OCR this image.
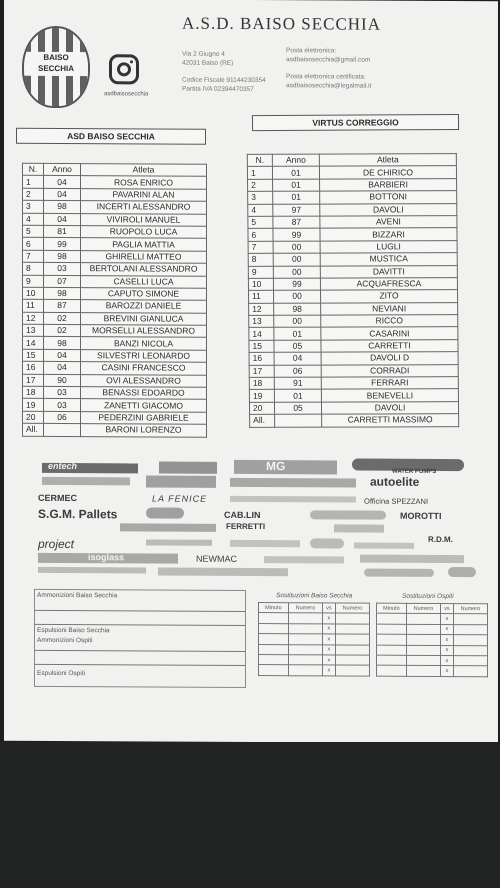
BAISO
SECCHIA
asdbaisosecchia
A.S.D. BAISO SECCHIA
Via 2 Giugno 4
42031 Baiso (RE)
Codice Fiscale 91144230354
Partita IVA 02394470357
Posta elettronica:
asdbaisosecchia@gmail.com
Posta elettronica certificata:
asdbaisosecchia@legalmail.it
ASD BAISO SECCHIA
N.	Anno	Atleta
1	04	ROSA ENRICO
2	04	PAVARINI ALAN
3	98	INCERTI ALESSANDRO
4	04	VIVIROLI MANUEL
5	81	RUOPOLO LUCA
6	99	PAGLIA MATTIA
7	98	GHIRELLI MATTEO
8	03	BERTOLANI ALESSANDRO
9	07	CASELLI LUCA
10	98	CAPUTO SIMONE
11	87	BAROZZI DANIELE
12	02	BREVINI GIANLUCA
13	02	MORSELLI ALESSANDRO
14	98	BANZI NICOLA
15	04	SILVESTRI LEONARDO
16	04	CASINI FRANCESCO
17	90	OVI ALESSANDRO
18	03	BENASSI EDOARDO
19	03	ZANETTI GIACOMO
20	06	PEDERZINI GABRIELE
All.		BARONI LORENZO
VIRTUS CORREGGIO
N.	Anno	Atleta
1	01	DE CHIRICO
2	01	BARBIERI
3	01	BOTTONI
4	97	DAVOLI
5	87	AVENI
6	99	BIZZARI
7	00	LUGLI
8	00	MUSTICA
9	00	DAVITTI
10	99	ACQUAFRESCA
11	00	ZITO
12	98	NEVIANI
13	00	RICCO
14	01	CASARINI
15	05	CARRETTI
16	04	DAVOLI D
17	06	CORRADI
18	91	FERRARI
19	01	BENEVELLI
20	05	DAVOLI
All.		CARRETTI MASSIMO
entech	MG	WATER PUMPS
autoelite
CERMEC	LA FENICE	Officina SPEZZANI
S.G.M. Pallets	CAB.LIN	MOROTTI
FERRETTI
R.D.M.
project
isoglass	NEWMAC
Ammonizioni Baiso Secchia
Espulsioni Baiso Secchia
Ammonizioni Ospiti
Espulsioni Ospiti
Sostituzioni Baiso Secchia
Minuto	Numero	vs	Numero
		x	
		x	
		x	
		x	
		x	
		x	
Sostituzioni Ospiti
Minuto	Numero	vs	Numero
		x	
		x	
		x	
		x	
		x	
		x	
